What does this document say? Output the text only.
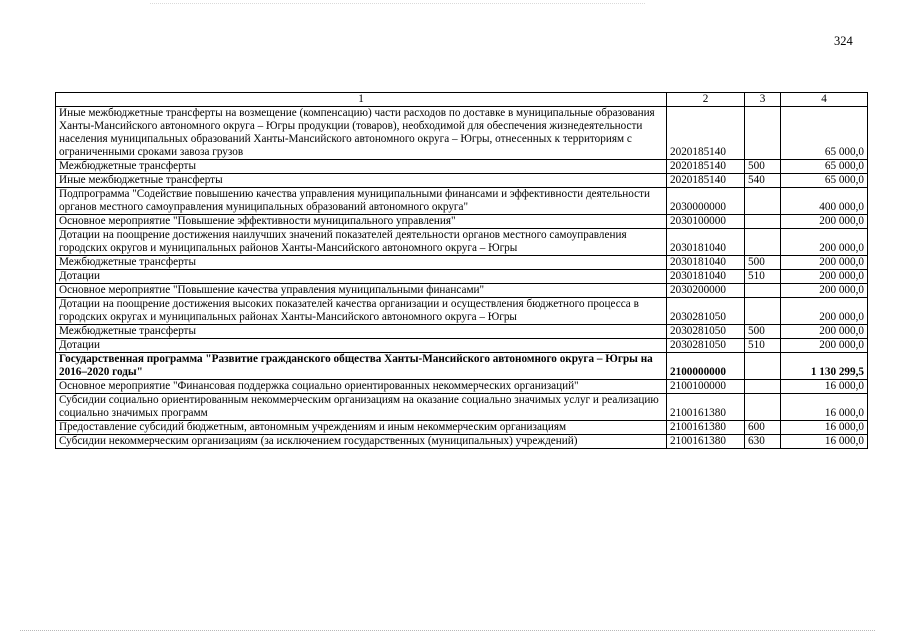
324
1	2	3	4
Иные межбюджетные трансферты на возмещение (компенсацию) части расходов по доставке в муниципальные образования Ханты-Мансийского автономного округа – Югры продукции (товаров), необходимой для обеспечения жизнедеятельности населения муниципальных образований Ханты-Мансийского автономного округа – Югры, отнесенных к территориям с ограниченными сроками завоза грузов	2020185140		65 000,0
Межбюджетные трансферты	2020185140	500	65 000,0
Иные межбюджетные трансферты	2020185140	540	65 000,0
Подпрограмма "Содействие повышению качества управления муниципальными финансами и эффективности деятельности органов местного самоуправления муниципальных образований автономного округа"	2030000000		400 000,0
Основное мероприятие "Повышение эффективности муниципального управления"	2030100000		200 000,0
Дотации на поощрение достижения наилучших значений показателей деятельности органов местного самоуправления городских округов и муниципальных районов Ханты-Мансийского автономного округа – Югры	2030181040		200 000,0
Межбюджетные трансферты	2030181040	500	200 000,0
Дотации	2030181040	510	200 000,0
Основное мероприятие "Повышение качества управления муниципальными финансами"	2030200000		200 000,0
Дотации на поощрение достижения высоких показателей качества организации и осуществления бюджетного процесса в городских округах и муниципальных районах Ханты-Мансийского автономного округа – Югры	2030281050		200 000,0
Межбюджетные трансферты	2030281050	500	200 000,0
Дотации	2030281050	510	200 000,0
Государственная программа "Развитие гражданского общества Ханты-Мансийского автономного округа – Югры на 2016–2020 годы"	2100000000		1 130 299,5
Основное мероприятие "Финансовая поддержка социально ориентированных некоммерческих организаций"	2100100000		16 000,0
Субсидии социально ориентированным некоммерческим организациям на оказание социально значимых услуг и реализацию социально значимых программ	2100161380		16 000,0
Предоставление субсидий бюджетным, автономным учреждениям и иным некоммерческим организациям	2100161380	600	16 000,0
Субсидии некоммерческим организациям (за исключением государственных (муниципальных) учреждений)	2100161380	630	16 000,0
